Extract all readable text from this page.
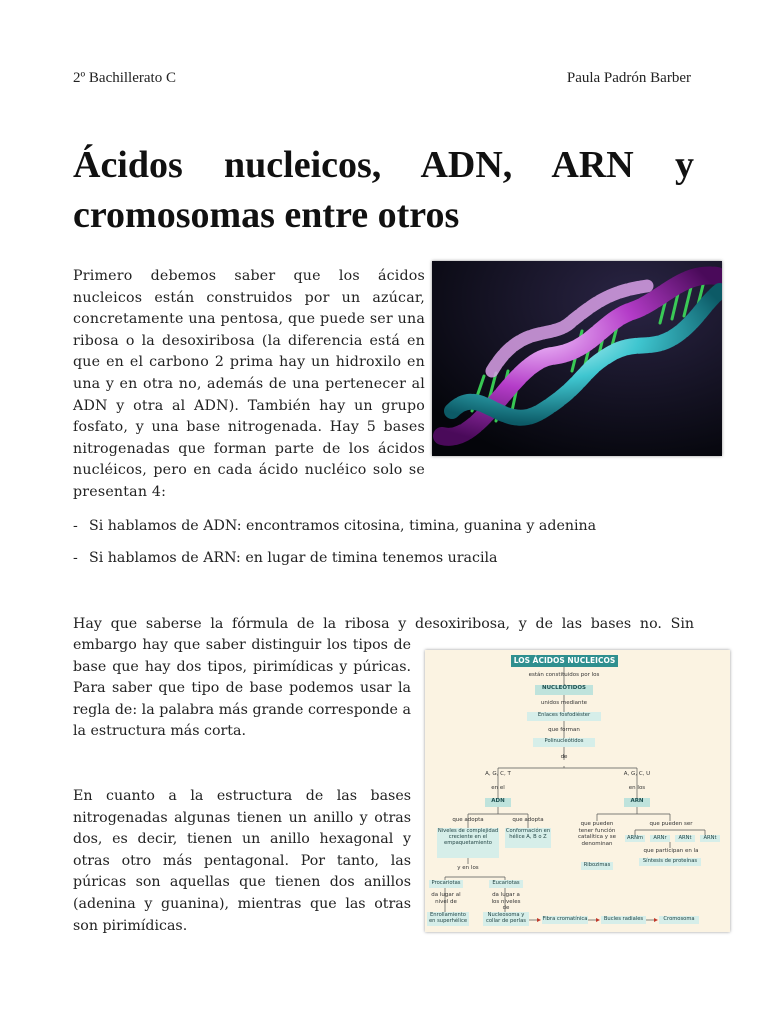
2º Bachillerato C	Paula Padrón Barber
Ácidos nucleicos, ADN, ARN y
cromosomas entre otros
Primero debemos saber que los ácidos nucleicos están construidos por un azúcar, concretamente una pentosa, que puede ser una ribosa o la desoxiribosa (la diferencia está en que en el carbono 2 prima hay un hidroxilo en una y en otra no, además de una pertenecer al ADN y otra al ADN). También hay un grupo fosfato, y una base nitrogenada. Hay 5 bases nitrogenadas que forman parte de los ácidos nucléicos, pero en cada ácido nucléico solo se presentan 4:
- Si hablamos de ADN: encontramos citosina, timina, guanina y adenina
- Si hablamos de ARN: en lugar de timina tenemos uracila
Hay que saberse la fórmula de la ribosa y desoxiribosa, y de las bases no. Sin
embargo hay que saber distinguir los tipos de base que hay dos tipos, pirimídicas y púricas. Para saber que tipo de base podemos usar la regla de: la palabra más grande corresponde a la estructura más corta.
En cuanto a la estructura de las bases nitrogenadas algunas tienen un anillo y otras dos, es decir, tienen un anillo hexagonal y otras otro más pentagonal. Por tanto, las púricas son aquellas que tienen dos anillos (adenina y guanina), mientras que las otras son pirimídicas.
LOS ÁCIDOS NUCLEICOS
están constituidos por los
NUCLEÓTIDOS
unidos mediante
Enlaces fosfodiéster
que forman
Polinucleótidos
de
A, G, C, T	A, G, C, U
en el	en los
ADN	ARN
que adopta	que adopta
Niveles de complejidad creciente en el empaquetamiento
Conformación en hélice A, B o Z
que pueden tener función catalítica y se denominan
Ribozimas
que pueden ser
ARNm	ARNr	ARNt	ARNt
que participan en la
Síntesis de proteínas
y en los
Procariotas	Eucariotas
da lugar al nivel de
da lugar a los niveles de
Enrollamiento en superhélice
Nucleosoma y collar de perlas	Fibra cromatínica	Bucles radiales	Cromosoma
